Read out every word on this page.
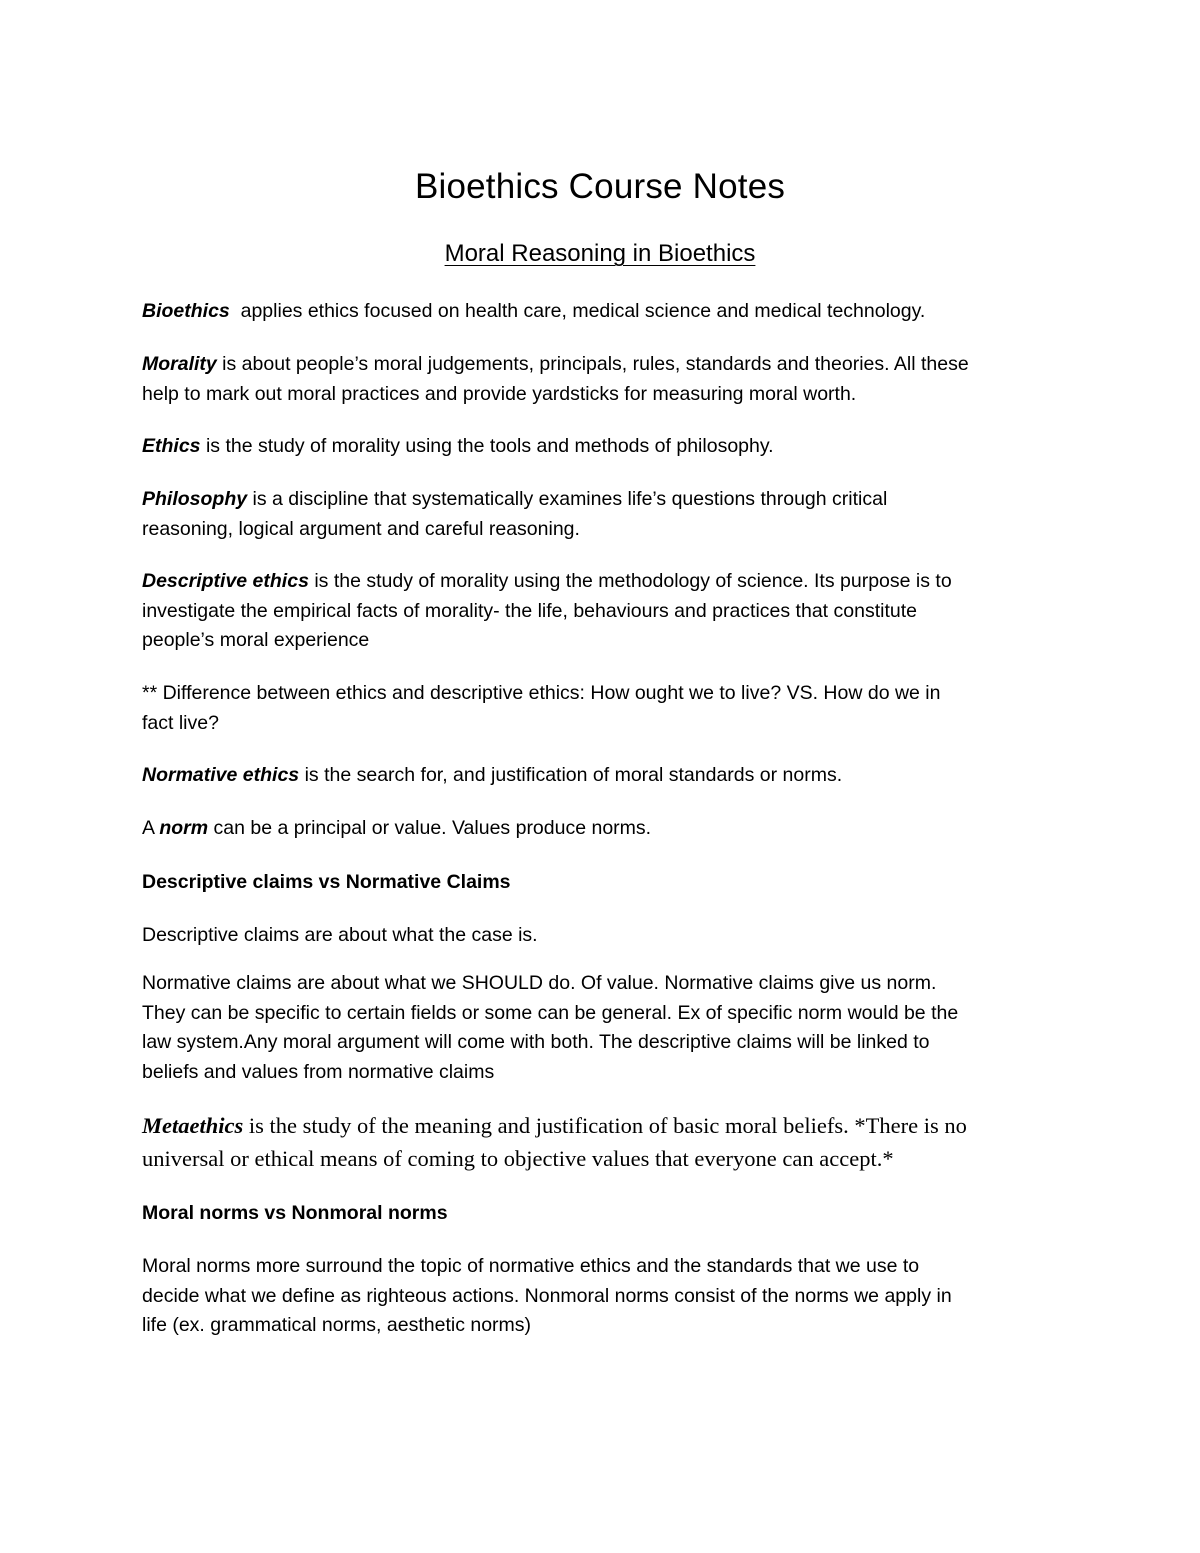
Bioethics Course Notes
Moral Reasoning in Bioethics

Bioethics  applies ethics focused on health care, medical science and medical technology.

Morality is about people’s moral judgements, principals, rules, standards and theories. All these
help to mark out moral practices and provide yardsticks for measuring moral worth.

Ethics is the study of morality using the tools and methods of philosophy.

Philosophy is a discipline that systematically examines life’s questions through critical
reasoning, logical argument and careful reasoning.

Descriptive ethics is the study of morality using the methodology of science. Its purpose is to
investigate the empirical facts of morality- the life, behaviours and practices that constitute
people’s moral experience

** Difference between ethics and descriptive ethics: How ought we to live? VS. How do we in
fact live?

Normative ethics is the search for, and justification of moral standards or norms.

A norm can be a principal or value. Values produce norms.

Descriptive claims vs Normative Claims

Descriptive claims are about what the case is.

Normative claims are about what we SHOULD do. Of value. Normative claims give us norm.
They can be specific to certain fields or some can be general. Ex of specific norm would be the
law system.Any moral argument will come with both. The descriptive claims will be linked to
beliefs and values from normative claims

Metaethics is the study of the meaning and justification of basic moral beliefs. *There is no
universal or ethical means of coming to objective values that everyone can accept.*

Moral norms vs Nonmoral norms

Moral norms more surround the topic of normative ethics and the standards that we use to
decide what we define as righteous actions. Nonmoral norms consist of the norms we apply in
life (ex. grammatical norms, aesthetic norms)
